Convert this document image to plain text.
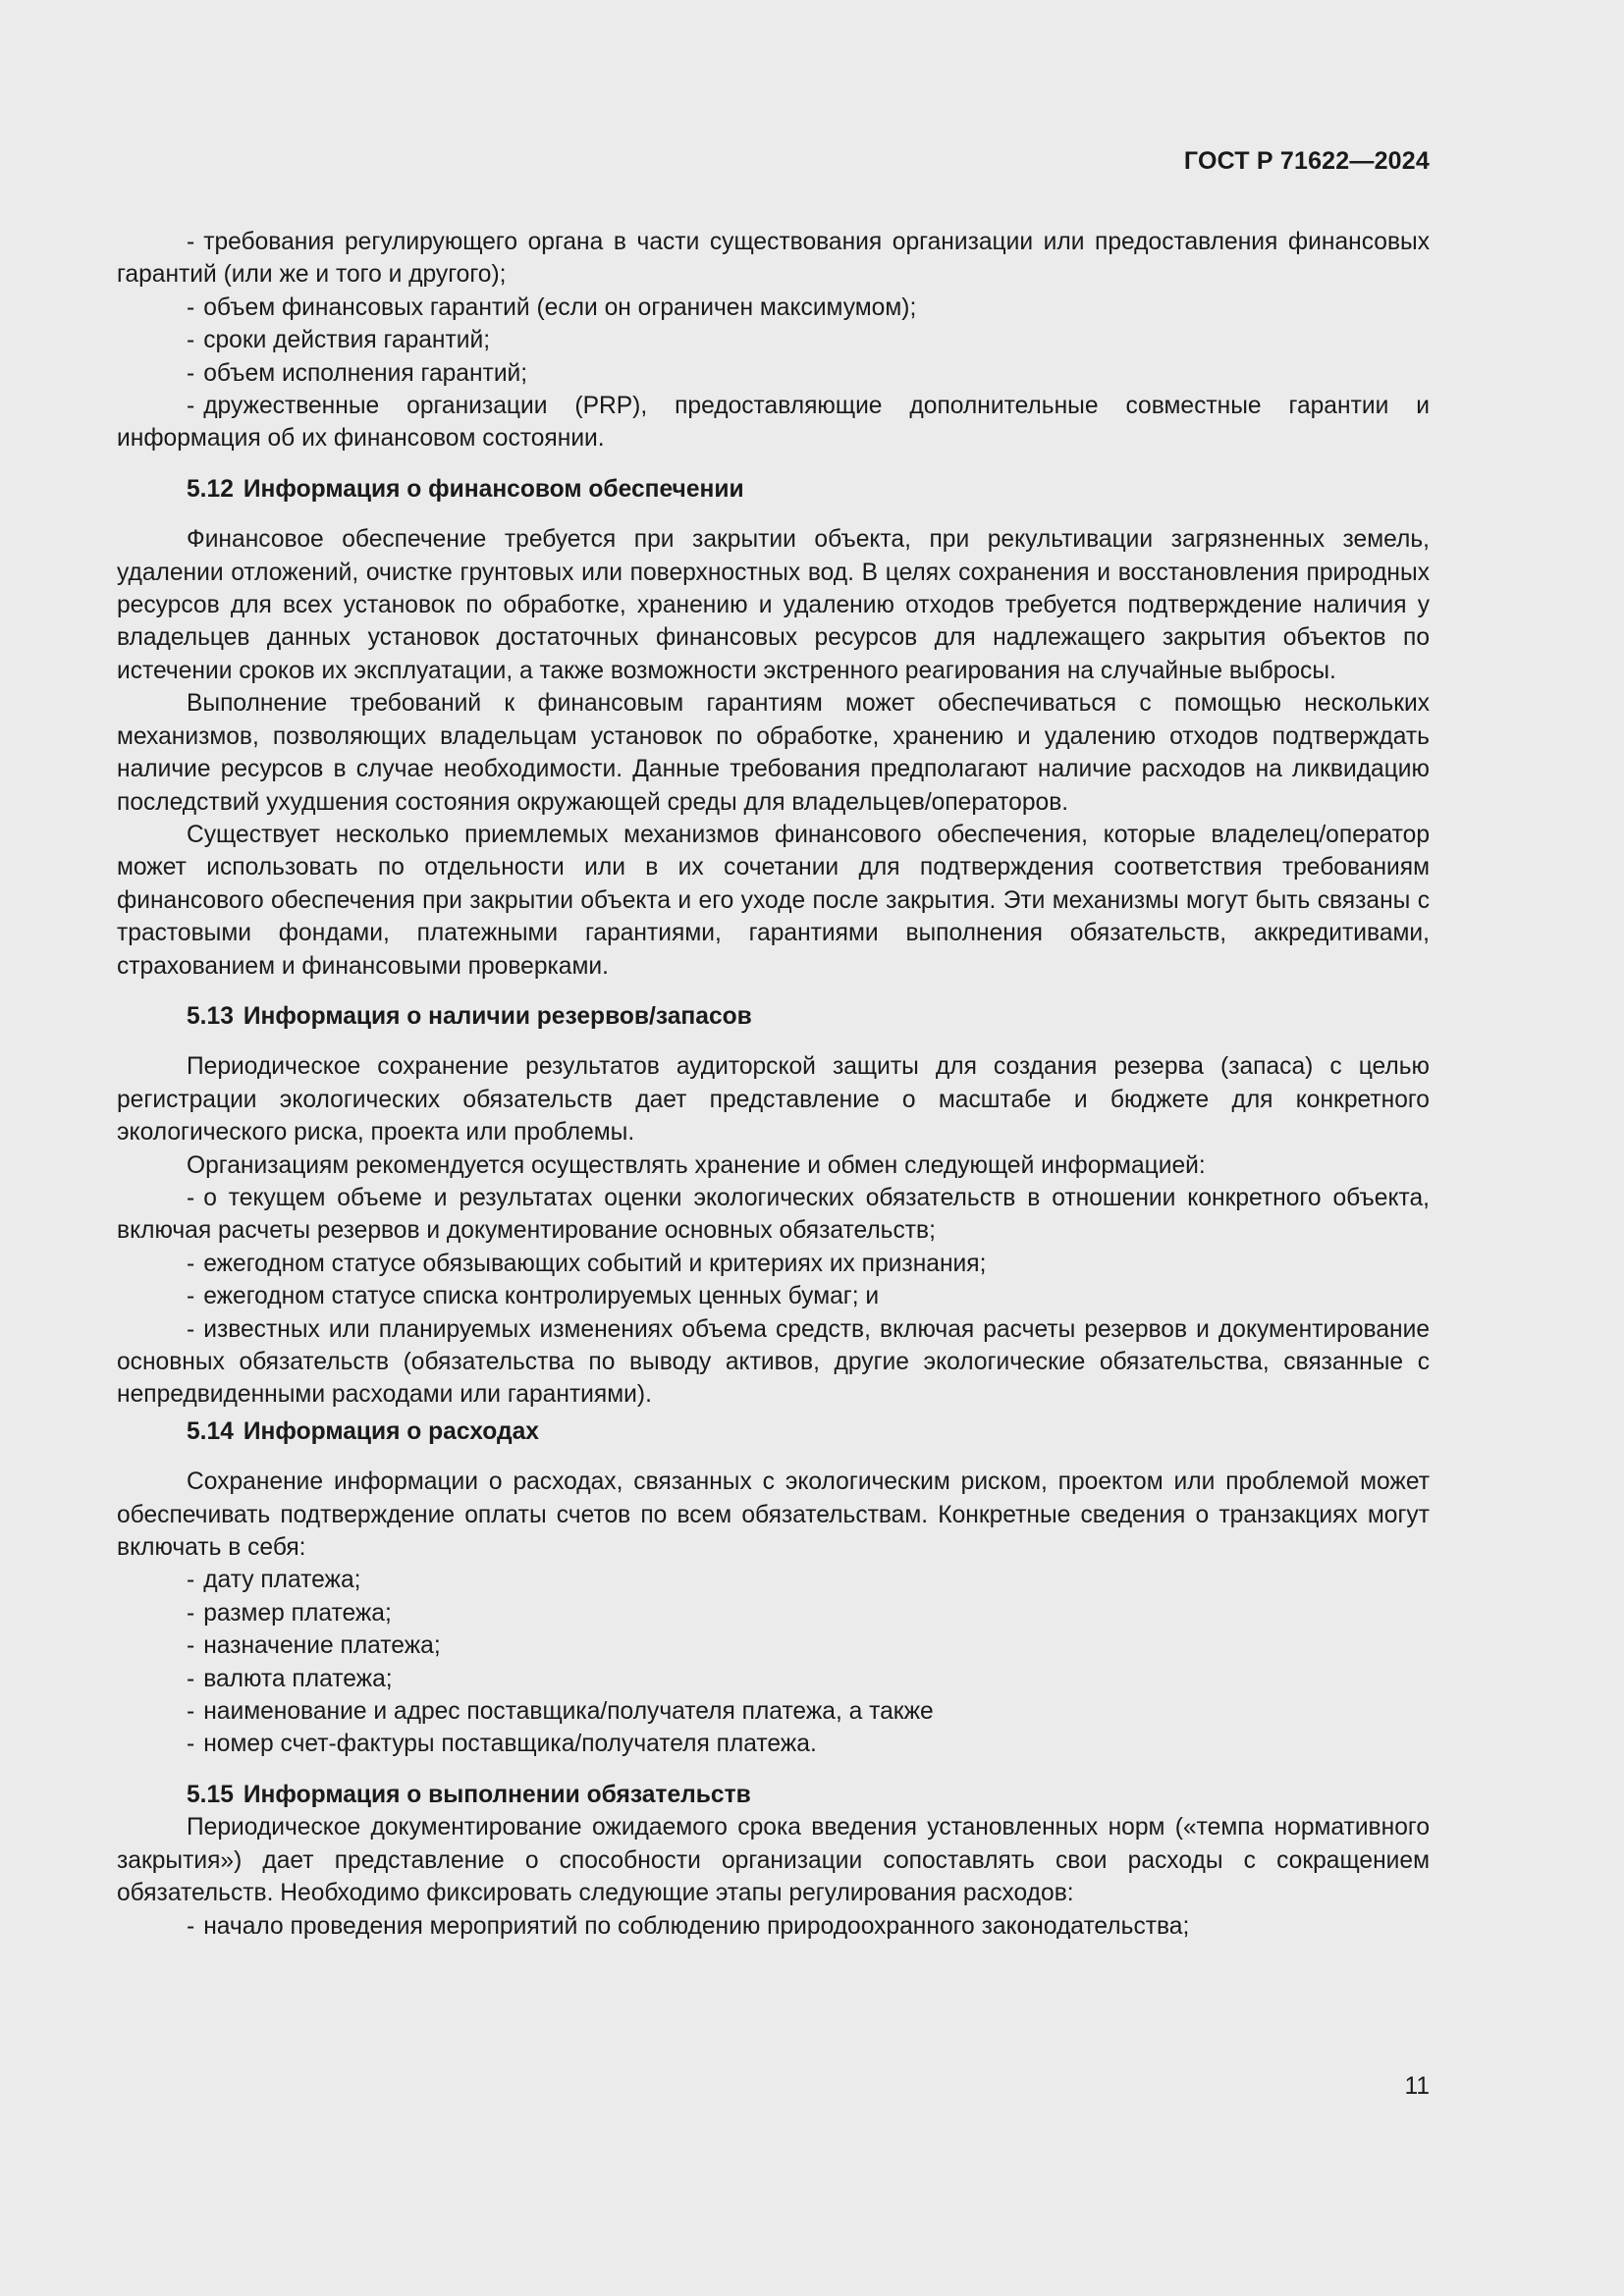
ГОСТ Р 71622—2024

- требования регулирующего органа в части существования организации или предоставления финансовых гарантий (или же и того и другого);

- объем финансовых гарантий (если он ограничен максимумом);

- сроки действия гарантий;

- объем исполнения гарантий;

- дружественные организации (PRP), предоставляющие дополнительные совместные гарантии и информация об их финансовом состоянии.

5.12 Информация о финансовом обеспечении

Финансовое обеспечение требуется при закрытии объекта, при рекультивации загрязненных земель, удалении отложений, очистке грунтовых или поверхностных вод. В целях сохранения и восстановления природных ресурсов для всех установок по обработке, хранению и удалению отходов требуется подтверждение наличия у владельцев данных установок достаточных финансовых ресурсов для надлежащего закрытия объектов по истечении сроков их эксплуатации, а также возможности экстренного реагирования на случайные выбросы.

Выполнение требований к финансовым гарантиям может обеспечиваться с помощью нескольких механизмов, позволяющих владельцам установок по обработке, хранению и удалению отходов подтверждать наличие ресурсов в случае необходимости. Данные требования предполагают наличие расходов на ликвидацию последствий ухудшения состояния окружающей среды для владельцев/операторов.

Существует несколько приемлемых механизмов финансового обеспечения, которые владелец/оператор может использовать по отдельности или в их сочетании для подтверждения соответствия требованиям финансового обеспечения при закрытии объекта и его уходе после закрытия. Эти механизмы могут быть связаны с трастовыми фондами, платежными гарантиями, гарантиями выполнения обязательств, аккредитивами, страхованием и финансовыми проверками.

5.13 Информация о наличии резервов/запасов

Периодическое сохранение результатов аудиторской защиты для создания резерва (запаса) с целью регистрации экологических обязательств дает представление о масштабе и бюджете для конкретного экологического риска, проекта или проблемы.

Организациям рекомендуется осуществлять хранение и обмен следующей информацией:

- о текущем объеме и результатах оценки экологических обязательств в отношении конкретного объекта, включая расчеты резервов и документирование основных обязательств;

- ежегодном статусе обязывающих событий и критериях их признания;

- ежегодном статусе списка контролируемых ценных бумаг; и

- известных или планируемых изменениях объема средств, включая расчеты резервов и документирование основных обязательств (обязательства по выводу активов, другие экологические обязательства, связанные с непредвиденными расходами или гарантиями).

5.14 Информация о расходах

Сохранение информации о расходах, связанных с экологическим риском, проектом или проблемой может обеспечивать подтверждение оплаты счетов по всем обязательствам. Конкретные сведения о транзакциях могут включать в себя:

- дату платежа;

- размер платежа;

- назначение платежа;

- валюта платежа;

- наименование и адрес поставщика/получателя платежа, а также

- номер счет-фактуры поставщика/получателя платежа.

5.15 Информация о выполнении обязательств

Периодическое документирование ожидаемого срока введения установленных норм («темпа нормативного закрытия») дает представление о способности организации сопоставлять свои расходы с сокращением обязательств. Необходимо фиксировать следующие этапы регулирования расходов:

- начало проведения мероприятий по соблюдению природоохранного законодательства;

11
